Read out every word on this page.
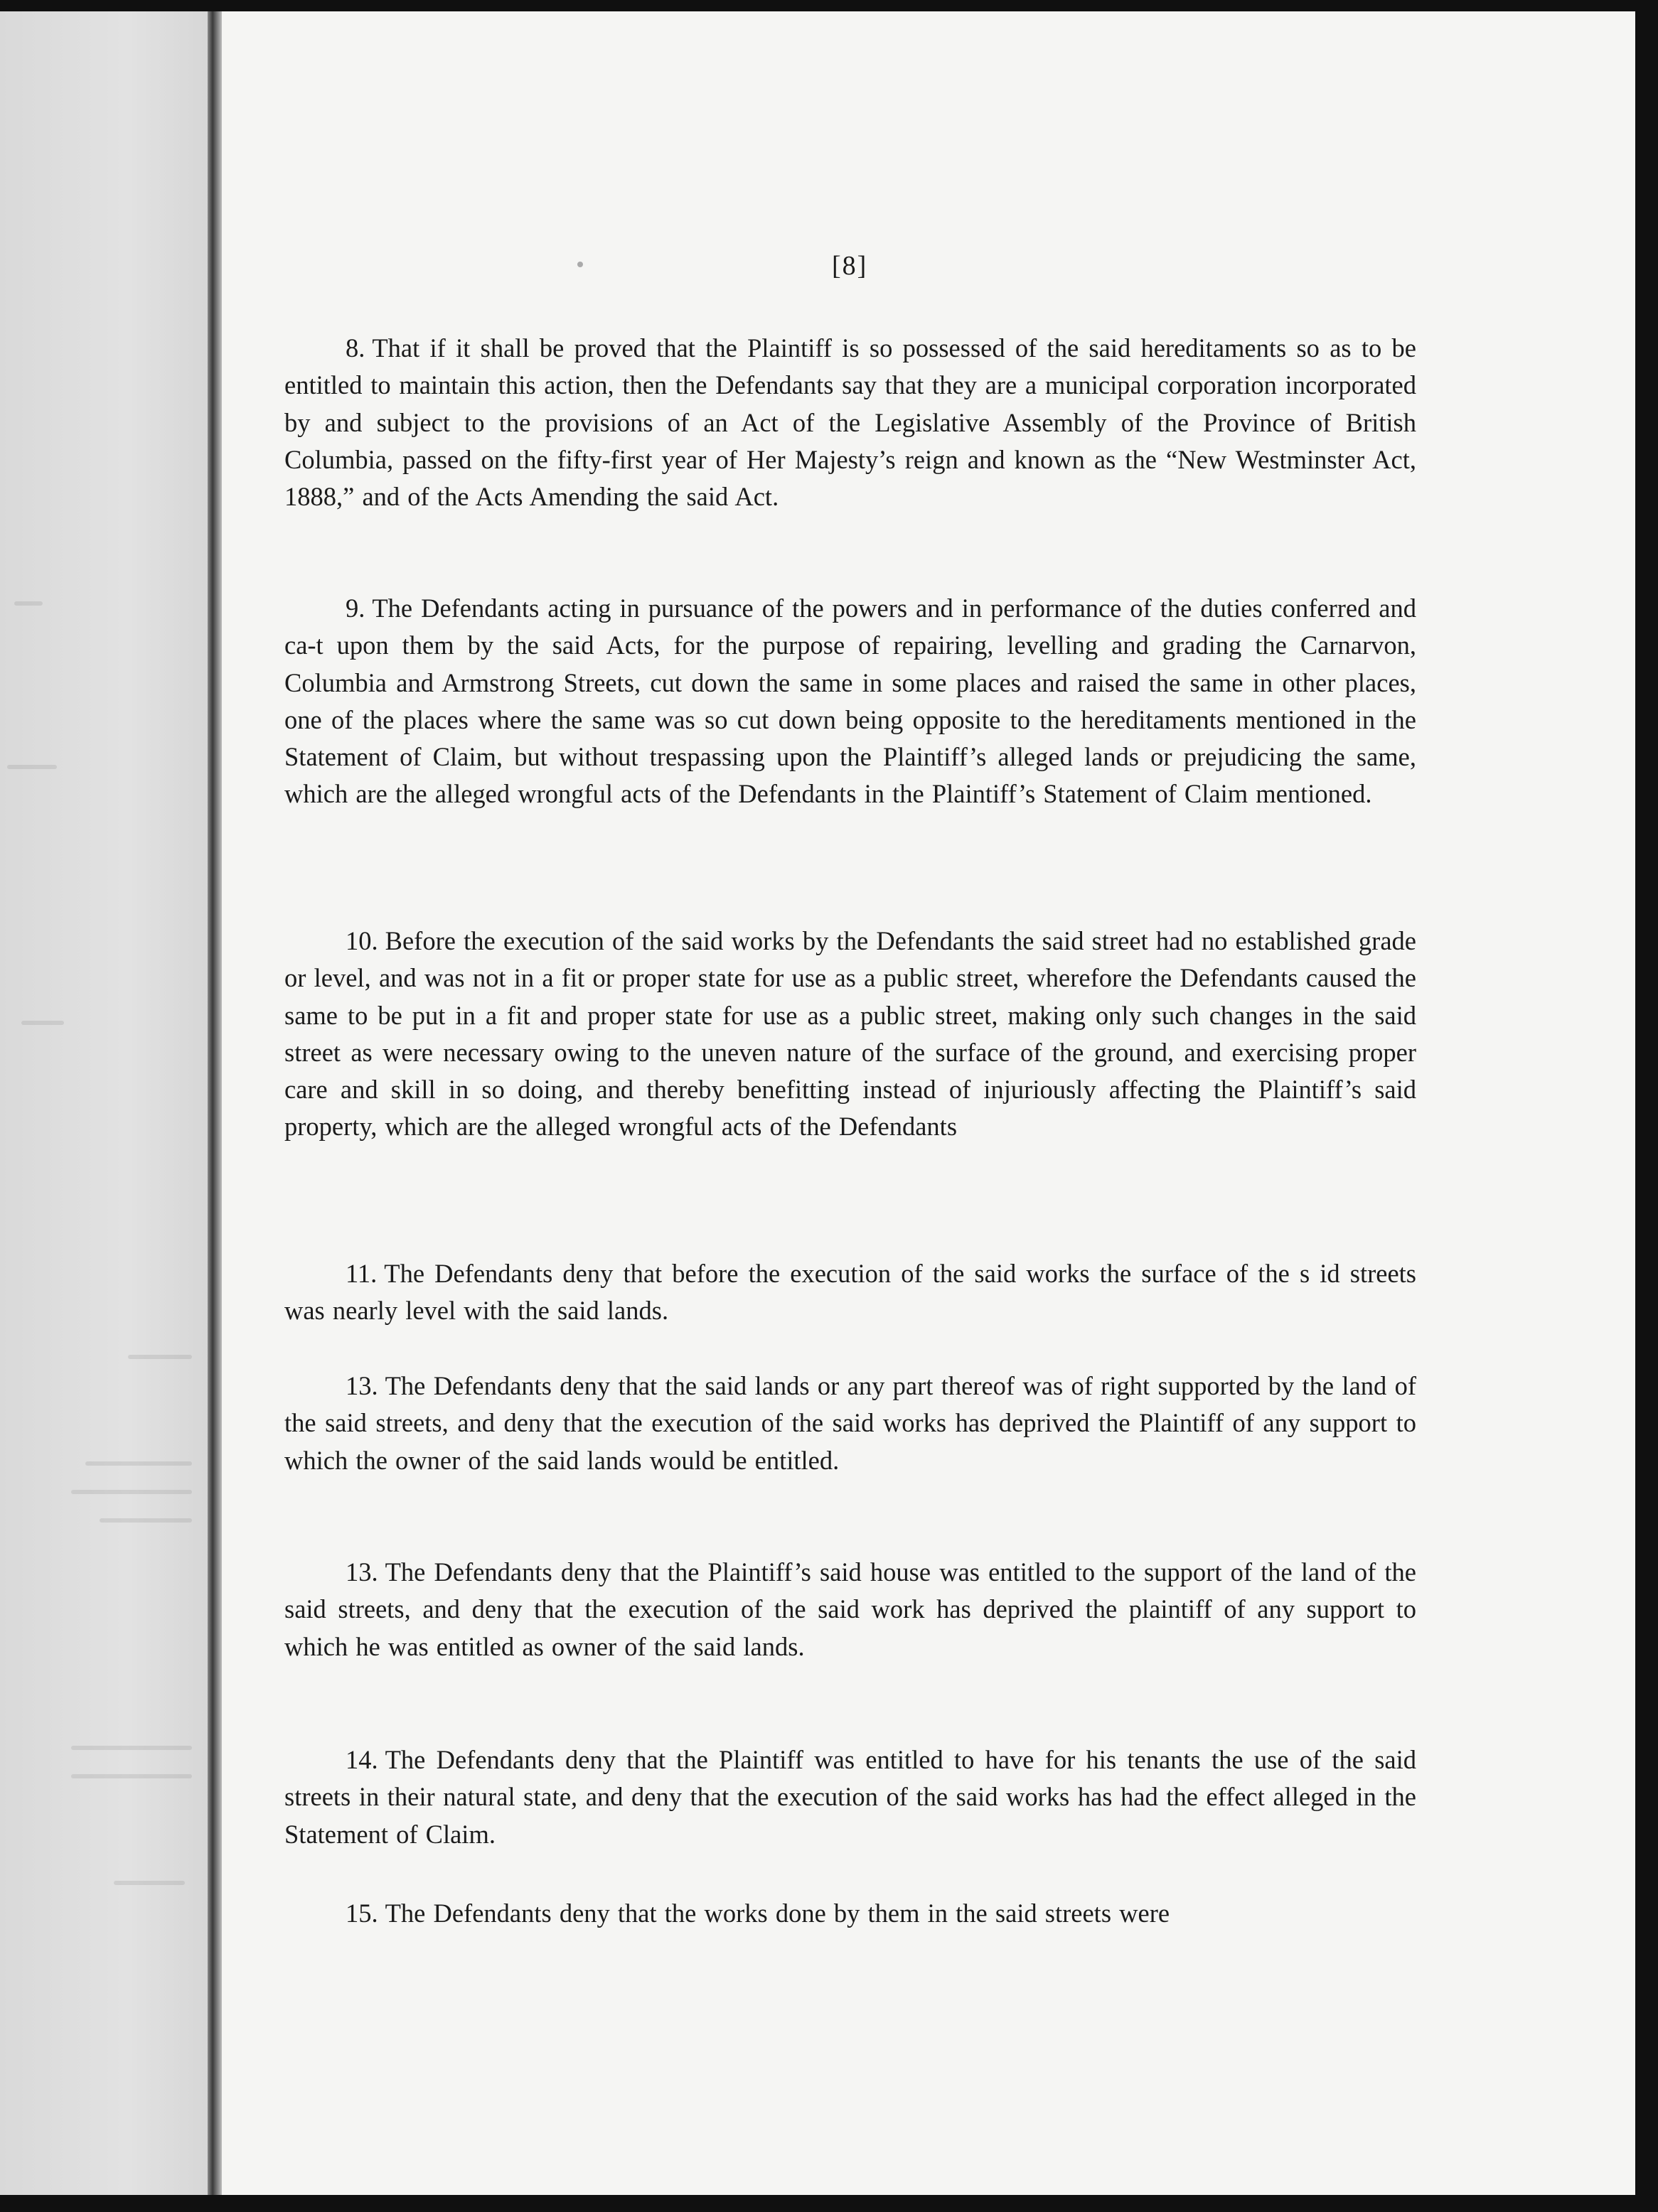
[8]

8. That if it shall be proved that the Plaintiff is so possessed of the said hereditaments so as to be entitled to maintain this action, then the Defendants say that they are a municipal corporation incorporated by and subject to the provisions of an Act of the Legislative Assembly of the Province of British Columbia, passed on the fifty-first year of Her Majesty’s reign and known as the “New Westminster Act, 1888,” and of the Acts Amending the said Act.

9. The Defendants acting in pursuance of the powers and in performance of the duties conferred and ca-t upon them by the said Acts, for the purpose of repairing, levelling and grading the Carnarvon, Columbia and Armstrong Streets, cut down the same in some places and raised the same in other places, one of the places where the same was so cut down being opposite to the hereditaments mentioned in the Statement of Claim, but without trespassing upon the Plaintiff’s alleged lands or prejudicing the same, which are the alleged wrongful acts of the Defendants in the Plaintiff’s Statement of Claim mentioned.

10. Before the execution of the said works by the Defendants the said street had no established grade or level, and was not in a fit or proper state for use as a public street, wherefore the Defendants caused the same to be put in a fit and proper state for use as a public street, making only such changes in the said street as were necessary owing to the uneven nature of the surface of the ground, and exercising proper care and skill in so doing, and thereby benefitting instead of injuriously affecting the Plaintiff’s said property, which are the alleged wrongful acts of the Defendants

11. The Defendants deny that before the execution of the said works the surface of the s id streets was nearly level with the said lands.

13. The Defendants deny that the said lands or any part thereof was of right supported by the land of the said streets, and deny that the execution of the said works has deprived the Plaintiff of any support to which the owner of the said lands would be entitled.

13. The Defendants deny that the Plaintiff’s said house was entitled to the support of the land of the said streets, and deny that the execution of the said work has deprived the plaintiff of any support to which he was entitled as owner of the said lands.

14. The Defendants deny that the Plaintiff was entitled to have for his tenants the use of the said streets in their natural state, and deny that the execution of the said works has had the effect alleged in the Statement of Claim.

15. The Defendants deny that the works done by them in the said streets were
